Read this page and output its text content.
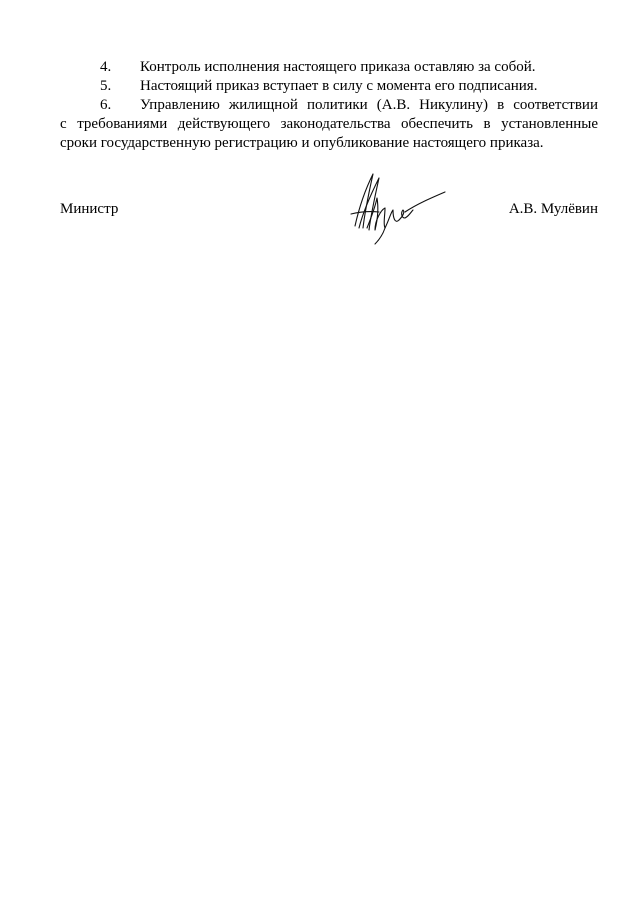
4. Контроль исполнения настоящего приказа оставляю за собой.
5. Настоящий приказ вступает в силу с момента его подписания.
6. Управлению жилищной политики (А.В. Никулину) в соответствии
с требованиями действующего законодательства обеспечить в установленные
сроки государственную регистрацию и опубликование настоящего приказа.
Министр	А.В. Мулёвин
